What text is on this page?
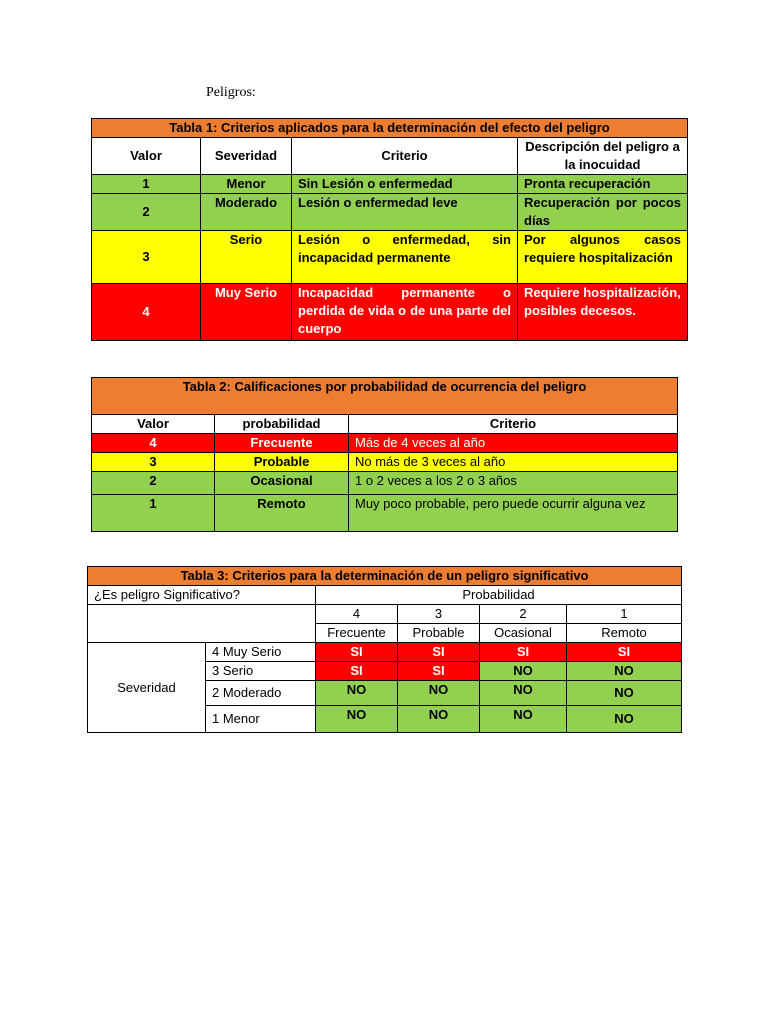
Peligros:
Tabla 1: Criterios aplicados para la determinación del efecto del peligro			
Valor	Severidad	Criterio	Descripción del peligro a la inocuidad
1	Menor	Sin Lesión o enfermedad	Pronta recuperación
2	Moderado	Lesión o enfermedad leve	Recuperación por pocos días
3	Serio	Lesión o enfermedad, sin incapacidad permanente	Por algunos casos requiere hospitalización
4	Muy Serio	Incapacidad permanente o perdida de vida o de una parte del cuerpo	Requiere hospitalización, posibles decesos.
Tabla 2: Calificaciones por probabilidad de ocurrencia del peligro		
Valor	probabilidad	Criterio
4	Frecuente	Más de 4 veces al año
3	Probable	No más de 3 veces al año
2	Ocasional	1 o 2 veces a los 2 o 3 años
1	Remoto	Muy poco probable, pero puede ocurrir alguna vez
Tabla 3: Criterios para la determinación de un peligro significativo					
¿Es peligro Significativo?		Probabilidad			
		4	3	2	1
		Frecuente	Probable	Ocasional	Remoto
Severidad	4 Muy Serio	SI	SI	SI	SI
	3 Serio	SI	SI	NO	NO
	2 Moderado	NO	NO	NO	NO
	1 Menor	NO	NO	NO	NO
